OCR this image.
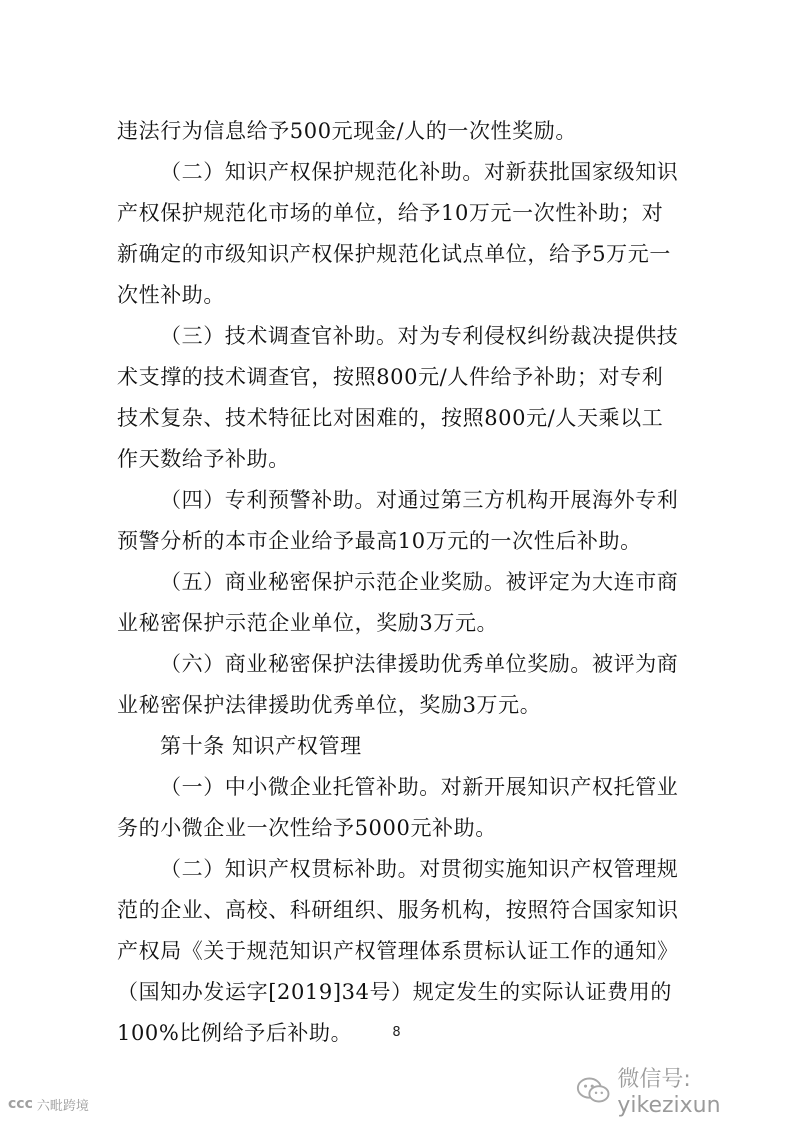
违法行为信息给予500元现金/人的一次性奖励。
（二）知识产权保护规范化补助。对新获批国家级知识
产权保护规范化市场的单位，给予10万元一次性补助；对
新确定的市级知识产权保护规范化试点单位，给予5万元一
次性补助。
（三）技术调查官补助。对为专利侵权纠纷裁决提供技
术支撑的技术调查官，按照800元/人件给予补助；对专利
技术复杂、技术特征比对困难的，按照800元/人天乘以工
作天数给予补助。
（四）专利预警补助。对通过第三方机构开展海外专利
预警分析的本市企业给予最高10万元的一次性后补助。
（五）商业秘密保护示范企业奖励。被评定为大连市商
业秘密保护示范企业单位，奖励3万元。
（六）商业秘密保护法律援助优秀单位奖励。被评为商
业秘密保护法律援助优秀单位，奖励3万元。
第十条 知识产权管理
（一）中小微企业托管补助。对新开展知识产权托管业
务的小微企业一次性给予5000元补助。
（二）知识产权贯标补助。对贯彻实施知识产权管理规
范的企业、高校、科研组织、服务机构，按照符合国家知识
产权局《关于规范知识产权管理体系贯标认证工作的通知》
（国知办发运字[2019]34号）规定发生的实际认证费用的
100%比例给予后补助。	8
微信号: yikezixun
ccc 六毗跨境
